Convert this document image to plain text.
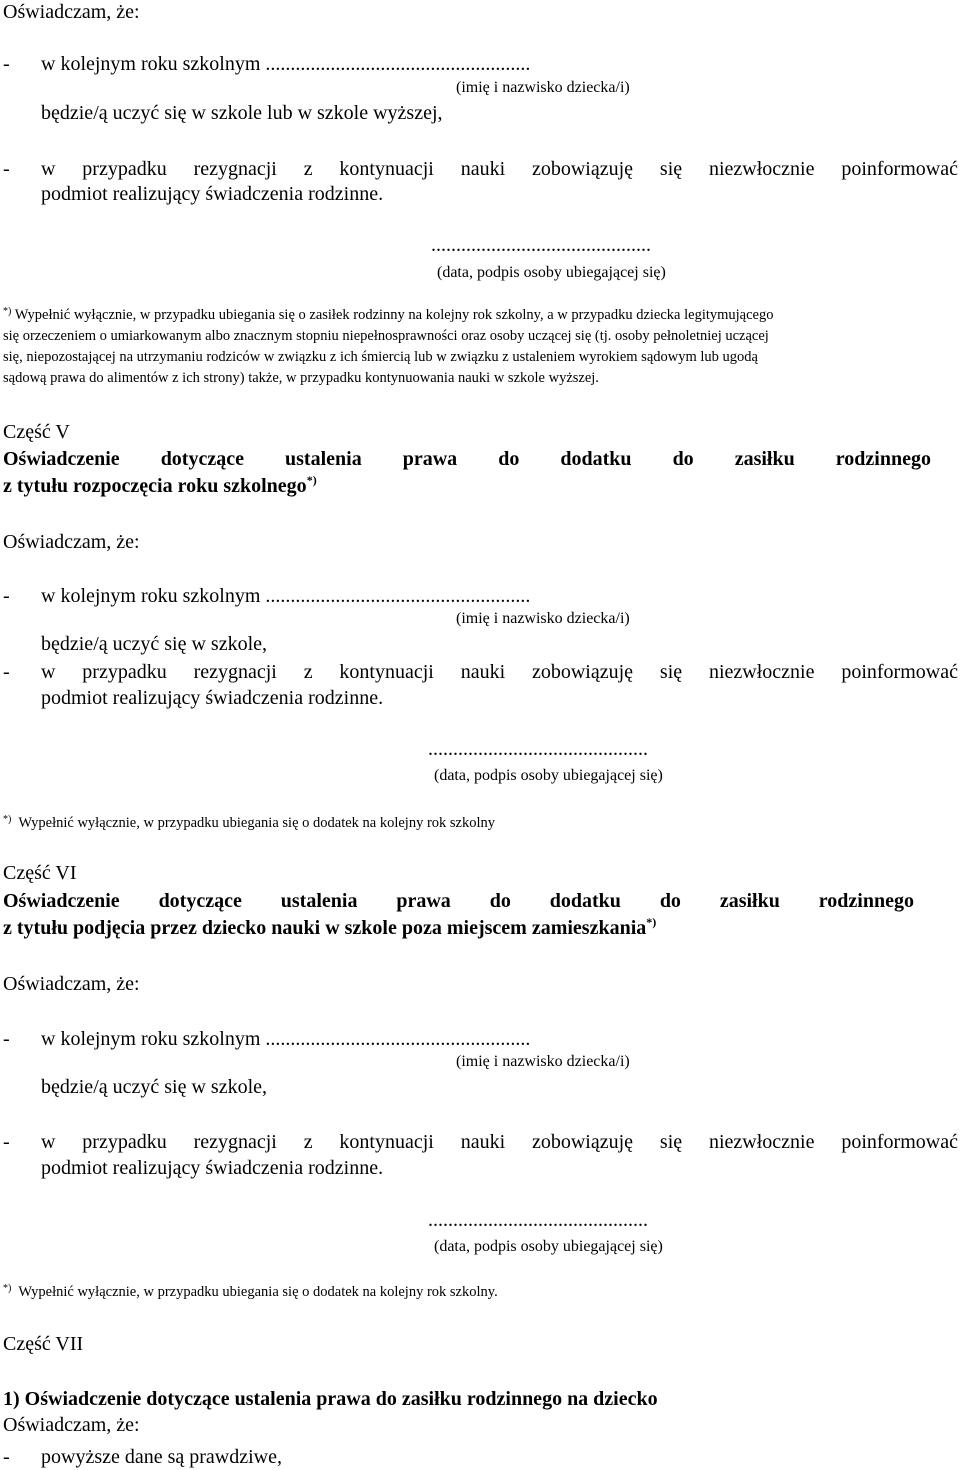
Oświadczam, że:
- w kolejnym roku szkolnym .....................................................
(imię i nazwisko dziecka/i)
będzie/ą uczyć się w szkole lub w szkole wyższej,
- w przypadku rezygnacji z kontynuacji nauki zobowiązuję się niezwłocznie poinformować
podmiot realizujący świadczenia rodzinne.
............................................
(data, podpis osoby ubiegającej się)
*) Wypełnić wyłącznie, w przypadku ubiegania się o zasiłek rodzinny na kolejny rok szkolny, a w przypadku dziecka legitymującego
się orzeczeniem o umiarkowanym albo znacznym stopniu niepełnosprawności oraz osoby uczącej się (tj. osoby pełnoletniej uczącej
się, niepozostającej na utrzymaniu rodziców w związku z ich śmiercią lub w związku z ustaleniem wyrokiem sądowym lub ugodą
sądową prawa do alimentów z ich strony) także, w przypadku kontynuowania nauki w szkole wyższej.
Część V
Oświadczenie dotyczące ustalenia prawa do dodatku do zasiłku rodzinnego
z tytułu rozpoczęcia roku szkolnego*)
Oświadczam, że:
- w kolejnym roku szkolnym .....................................................
(imię i nazwisko dziecka/i)
będzie/ą uczyć się w szkole,
- w przypadku rezygnacji z kontynuacji nauki zobowiązuję się niezwłocznie poinformować
podmiot realizujący świadczenia rodzinne.
............................................
(data, podpis osoby ubiegającej się)
*) Wypełnić wyłącznie, w przypadku ubiegania się o dodatek na kolejny rok szkolny
Część VI
Oświadczenie dotyczące ustalenia prawa do dodatku do zasiłku rodzinnego
z tytułu podjęcia przez dziecko nauki w szkole poza miejscem zamieszkania*)
Oświadczam, że:
- w kolejnym roku szkolnym .....................................................
(imię i nazwisko dziecka/i)
będzie/ą uczyć się w szkole,
- w przypadku rezygnacji z kontynuacji nauki zobowiązuję się niezwłocznie poinformować
podmiot realizujący świadczenia rodzinne.
............................................
(data, podpis osoby ubiegającej się)
*) Wypełnić wyłącznie, w przypadku ubiegania się o dodatek na kolejny rok szkolny.
Część VII
1) Oświadczenie dotyczące ustalenia prawa do zasiłku rodzinnego na dziecko
Oświadczam, że:
- powyższe dane są prawdziwe,
